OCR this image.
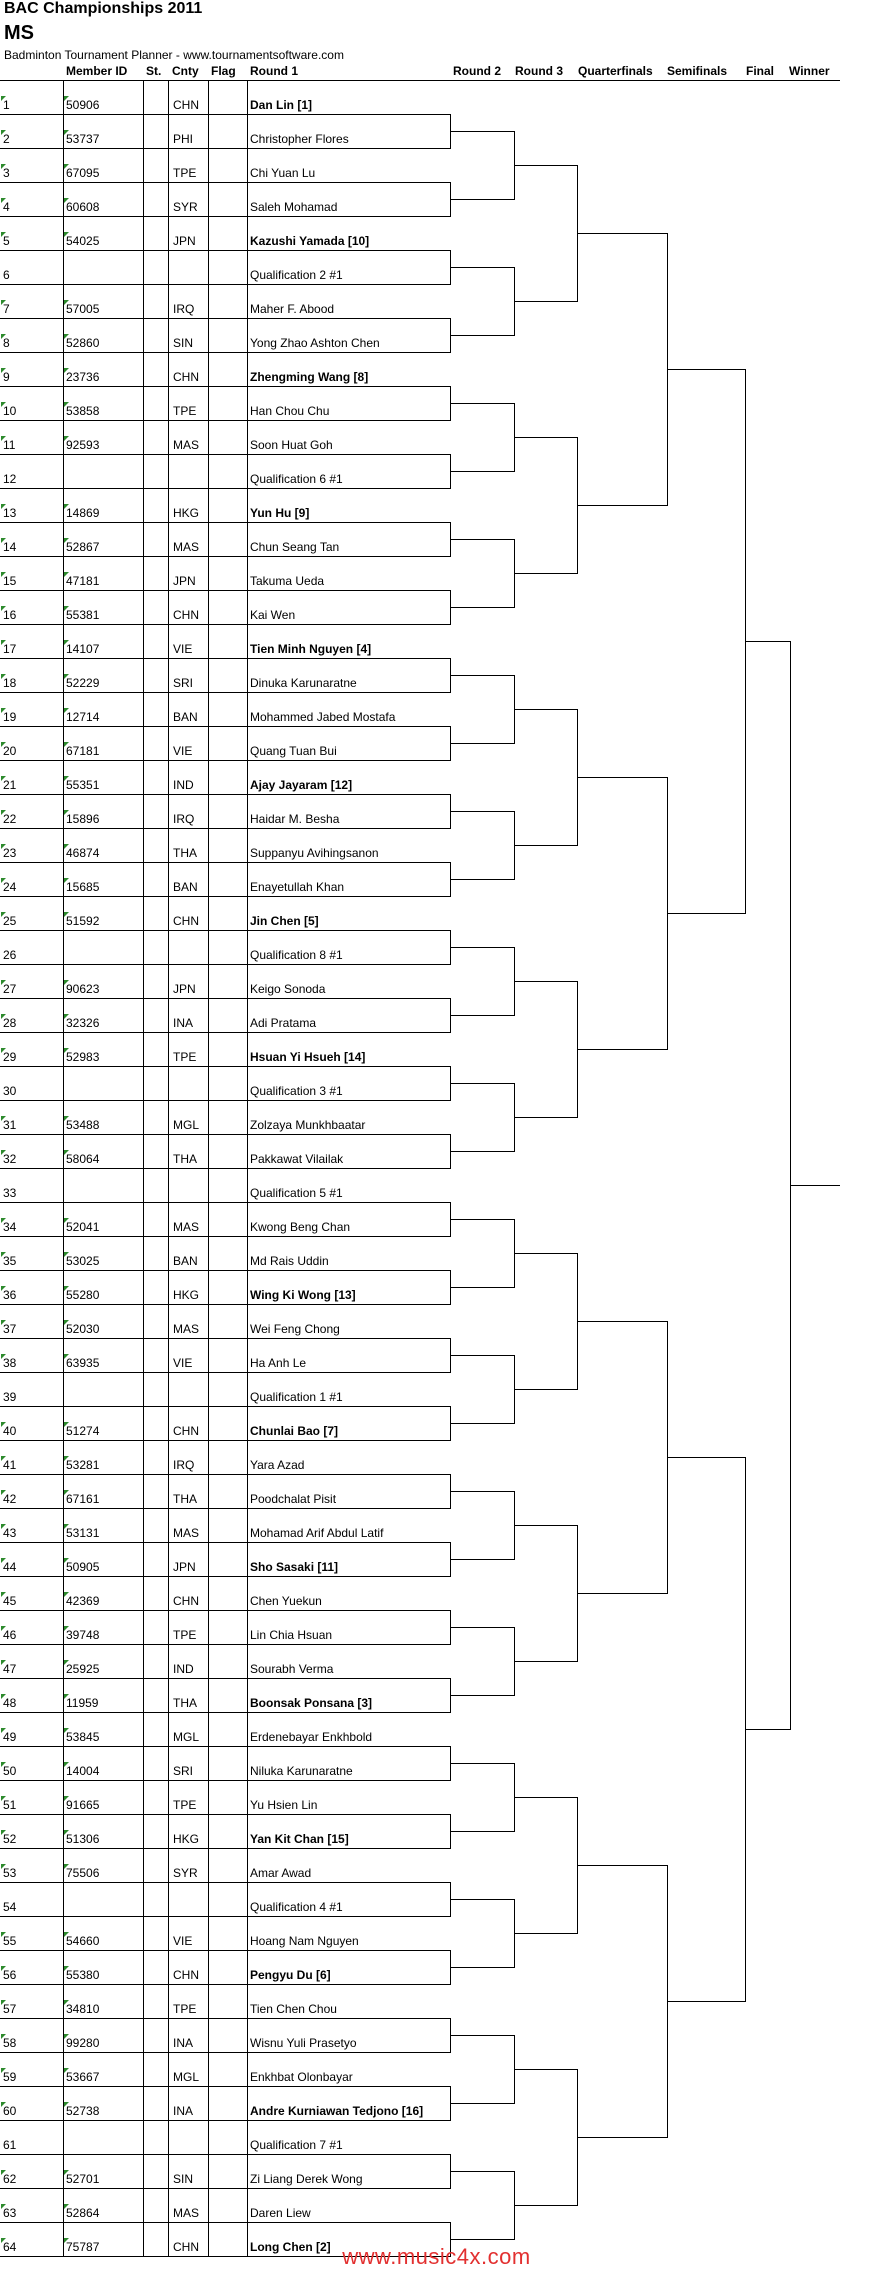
BAC Championships 2011
MS
Badminton Tournament Planner - www.tournamentsoftware.com
Member ID St. Cnty Flag Round 1	Round 2 Round 3 Quarterfinals Semifinals Final Winner
1	50906	CHN	Dan Lin [1]
2	53737	PHI	Christopher Flores
3	67095	TPE	Chi Yuan Lu
4	60608	SYR	Saleh Mohamad
5	54025	JPN	Kazushi Yamada [10]
6	Qualification 2 #1
7	57005	IRQ	Maher F. Abood
8	52860	SIN	Yong Zhao Ashton Chen
9	23736	CHN	Zhengming Wang [8]
10	53858	TPE	Han Chou Chu
11	92593	MAS	Soon Huat Goh
12	Qualification 6 #1
13	14869	HKG	Yun Hu [9]
14	52867	MAS	Chun Seang Tan
15	47181	JPN	Takuma Ueda
16	55381	CHN	Kai Wen
17	14107	VIE	Tien Minh Nguyen [4]
18	52229	SRI	Dinuka Karunaratne
19	12714	BAN	Mohammed Jabed Mostafa
20	67181	VIE	Quang Tuan Bui
21	55351	IND	Ajay Jayaram [12]
22	15896	IRQ	Haidar M. Besha
23	46874	THA	Suppanyu Avihingsanon
24	15685	BAN	Enayetullah Khan
25	51592	CHN	Jin Chen [5]
26	Qualification 8 #1
27	90623	JPN	Keigo Sonoda
28	32326	INA	Adi Pratama
29	52983	TPE	Hsuan Yi Hsueh [14]
30	Qualification 3 #1
31	53488	MGL	Zolzaya Munkhbaatar
32	58064	THA	Pakkawat Vilailak
33	Qualification 5 #1
34	52041	MAS	Kwong Beng Chan
35	53025	BAN	Md Rais Uddin
36	55280	HKG	Wing Ki Wong [13]
37	52030	MAS	Wei Feng Chong
38	63935	VIE	Ha Anh Le
39	Qualification 1 #1
40	51274	CHN	Chunlai Bao [7]
41	53281	IRQ	Yara Azad
42	67161	THA	Poodchalat Pisit
43	53131	MAS	Mohamad Arif Abdul Latif
44	50905	JPN	Sho Sasaki [11]
45	42369	CHN	Chen Yuekun
46	39748	TPE	Lin Chia Hsuan
47	25925	IND	Sourabh Verma
48	11959	THA	Boonsak Ponsana [3]
49	53845	MGL	Erdenebayar Enkhbold
50	14004	SRI	Niluka Karunaratne
51	91665	TPE	Yu Hsien Lin
52	51306	HKG	Yan Kit Chan [15]
53	75506	SYR	Amar Awad
54	Qualification 4 #1
55	54660	VIE	Hoang Nam Nguyen
56	55380	CHN	Pengyu Du [6]
57	34810	TPE	Tien Chen Chou
58	99280	INA	Wisnu Yuli Prasetyo
59	53667	MGL	Enkhbat Olonbayar
60	52738	INA	Andre Kurniawan Tedjono [16]
61	Qualification 7 #1
62	52701	SIN	Zi Liang Derek Wong
63	52864	MAS	Daren Liew
64	75787	CHN	Long Chen [2] www.music4x.com
